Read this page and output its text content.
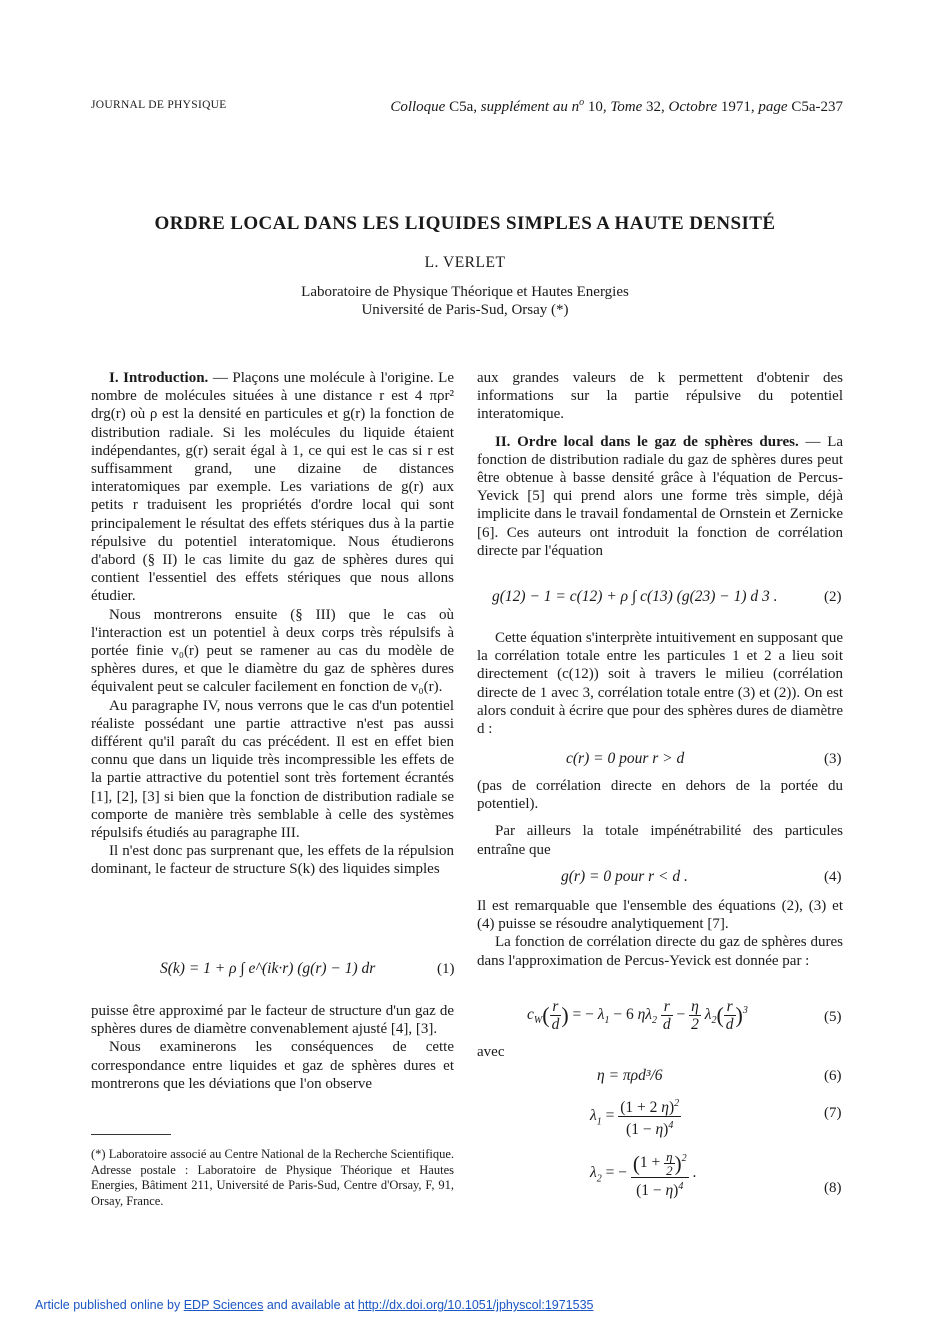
JOURNAL DE PHYSIQUE	Colloque C5a, supplément au $n^o$ 10, Tome 32, Octobre 1971, page C5a-237
ORDRE LOCAL DANS LES LIQUIDES SIMPLES A HAUTE DENSITÉ
L. VERLET
Laboratoire de Physique Théorique et Hautes Energies
Université de Paris-Sud, Orsay (*)

I. Introduction. — Plaçons une molécule à l'origine. Le nombre de molécules situées à une distance r est 4 πρr² drg(r) où ρ est la densité en particules et g(r) la fonction de distribution radiale. Si les molécules du liquide étaient indépendantes, g(r) serait égal à 1, ce qui est le cas si r est suffisamment grand, une dizaine de distances interatomiques par exemple. Les variations de g(r) aux petits r traduisent les propriétés d'ordre local qui sont principalement le résultat des effets stériques dus à la partie répulsive du potentiel interatomique. Nous étudierons d'abord (§ II) le cas limite du gaz de sphères dures qui contient l'essentiel des effets stériques que nous allons étudier.

Nous montrerons ensuite (§ III) que le cas où l'interaction est un potentiel à deux corps très répulsifs à portée finie v₀(r) peut se ramener au cas du modèle de sphères dures, et que le diamètre du gaz de sphères dures équivalent peut se calculer facilement en fonction de v₀(r).

Au paragraphe IV, nous verrons que le cas d'un potentiel réaliste possédant une partie attractive n'est pas aussi différent qu'il paraît du cas précédent. Il est en effet bien connu que dans un liquide très incompressible les effets de la partie attractive du potentiel sont très fortement écrantés [1], [2], [3] si bien que la fonction de distribution radiale se comporte de manière très semblable à celle des systèmes répulsifs étudiés au paragraphe III.

Il n'est donc pas surprenant que, les effets de la répulsion dominant, le facteur de structure S(k) des liquides simples

S(k) = 1 + ρ ∫ e^(ik·r) (g(r) − 1) dr	(1)

puisse être approximé par le facteur de structure d'un gaz de sphères dures de diamètre convenablement ajusté [4], [3].

Nous examinerons les conséquences de cette correspondance entre liquides et gaz de sphères dures et montrerons que les déviations que l'on observe

(*) Laboratoire associé au Centre National de la Recherche Scientifique. Adresse postale : Laboratoire de Physique Théorique et Hautes Energies, Bâtiment 211, Université de Paris-Sud, Centre d'Orsay, F, 91, Orsay, France.

aux grandes valeurs de k permettent d'obtenir des informations sur la partie répulsive du potentiel interatomique.

II. Ordre local dans le gaz de sphères dures. — La fonction de distribution radiale du gaz de sphères dures peut être obtenue à basse densité grâce à l'équation de Percus-Yevick [5] qui prend alors une forme très simple, déjà implicite dans le travail fondamental de Ornstein et Zernicke [6]. Ces auteurs ont introduit la fonction de corrélation directe par l'équation

g(12) − 1 = c(12) + ρ ∫ c(13) (g(23) − 1) d 3 .	(2)

Cette équation s'interprète intuitivement en supposant que la corrélation totale entre les particules 1 et 2 a lieu soit directement (c(12)) soit à travers le milieu (corrélation directe de 1 avec 3, corrélation totale entre (3) et (2)). On est alors conduit à écrire que pour des sphères dures de diamètre d :

c(r) = 0 pour r > d	(3)

(pas de corrélation directe en dehors de la portée du potentiel).

Par ailleurs la totale impénétrabilité des particules entraîne que

g(r) = 0 pour r < d .	(4)

Il est remarquable que l'ensemble des équations (2), (3) et (4) puisse se résoudre analytiquement [7].

La fonction de corrélation directe du gaz de sphères dures dans l'approximation de Percus-Yevick est donnée par :

$c_W( \frac{r}{d}$ ) = − $\lambda_1 - 6$ $\eta\lambda_2 \frac{r}{d} - \frac{\eta}{2} \lambda_2( \frac{r}{d} )^3$	(5)
avec
η = πρd³/6	(6)
$\lambda_1 = \frac{(1 + 2 \eta)^2}{(1 - \eta)^4}$	(7)
$\lambda_2$ = − $\frac{(1 + \frac{\eta}{2} )^2}{(1 - \eta)^4}$ .
(8)
Article published online by EDP Sciences and available at http://dx.doi.org/10.1051/jphyscol:1971535
